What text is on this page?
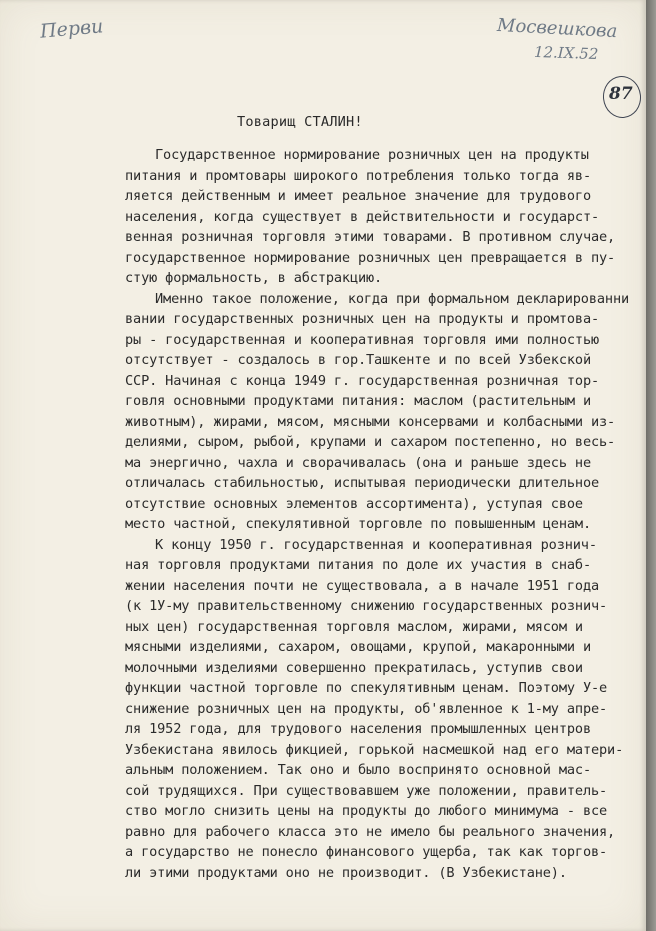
Перви	Мосвешкова
12.IX.52
87
Товарищ СТАЛИН!
Государственное нормирование розничных цен на продукты
питания и промтовары широкого потребления только тогда яв-
ляется действенным и имеет реальное значение для трудового
населения, когда существует в действительности и государст-
венная розничная торговля этими товарами. В противном случае,
государственное нормирование розничных цен превращается в пу-
стую формальность, в абстракцию.
Именно такое положение, когда при формальном декларированни
вании государственных розничных цен на продукты и промтова-
ры - государственная и кооперативная торговля ими полностью
отсутствует - создалось в гор.Ташкенте и по всей Узбекской
ССР. Начиная с конца 1949 г. государственная розничная тор-
говля основными продуктами питания: маслом (растительным и
животным), жирами, мясом, мясными консервами и колбасными из-
делиями, сыром, рыбой, крупами и сахаром постепенно, но весь-
ма энергично, чахла и сворачивалась (она и раньше здесь не
отличалась стабильностью, испытывая периодически длительное
отсутствие основных элементов ассортимента), уступая свое
место частной, спекулятивной торговле по повышенным ценам.
К концу 1950 г. государственная и кооперативная рознич-
ная торговля продуктами питания по доле их участия в снаб-
жении населения почти не существовала, а в начале 1951 года
(к 1У-му правительственному снижению государственных рознич-
ных цен) государственная торговля маслом, жирами, мясом и
мясными изделиями, сахаром, овощами, крупой, макаронными и
молочными изделиями совершенно прекратилась, уступив свои
функции частной торговле по спекулятивным ценам. Поэтому У-е
снижение розничных цен на продукты, об'явленное к 1-му апре-
ля 1952 года, для трудового населения промышленных центров
Узбекистана явилось фикцией, горькой насмешкой над его матери-
альным положением. Так оно и было воспринято основной мас-
сой трудящихся. При существовавшем уже положении, правитель-
ство могло снизить цены на продукты до любого минимума - все
равно для рабочего класса это не имело бы реального значения,
а государство не понесло финансового ущерба, так как торгов-
ли этими продуктами оно не производит. (В Узбекистане).
